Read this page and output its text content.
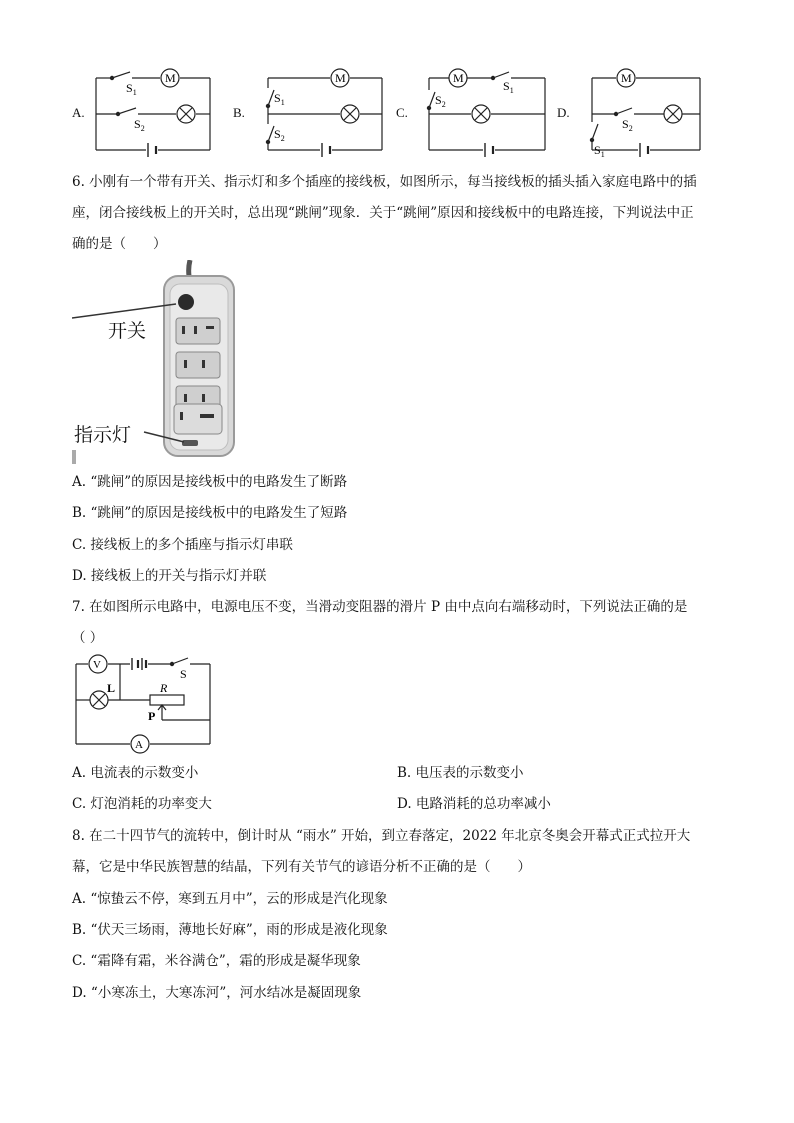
A.
M
$S_1$
$S_2$
B.
M
$S_1$
$S_2$
C.
M
$S_1$
$S_2$
D.
M
$S_1$
$S_2$
6. 小刚有一个带有开关、指示灯和多个插座的接线板，如图所示，每当接线板的插头插入家庭电路中的插
座，闭合接线板上的开关时，总出现“跳闸”现象．关于“跳闸”原因和接线板中的电路连接，下判说法中正
确的是（　　）
开关
指示灯
A. “跳闸”的原因是接线板中的电路发生了断路
B. “跳闸”的原因是接线板中的电路发生了短路
C. 接线板上的多个插座与指示灯串联
D. 接线板上的开关与指示灯并联
7. 在如图所示电路中，电源电压不变，当滑动变阻器的滑片 P 由中点向右端移动时，下列说法正确的是
（ ）
V
L	R
P
S
A
A. 电流表的示数变小	B. 电压表的示数变小
C. 灯泡消耗的功率变大	D. 电路消耗的总功率减小
8. 在二十四节气的流转中，倒计时从 “雨水” 开始，到立春落定，2022 年北京冬奥会开幕式正式拉开大
幕，它是中华民族智慧的结晶，下列有关节气的谚语分析不正确的是（　　）
A. “惊蛰云不停，寒到五月中”，云的形成是汽化现象
B. “伏天三场雨，薄地长好麻”，雨的形成是液化现象
C. “霜降有霜，米谷满仓”，霜的形成是凝华现象
D. “小寒冻土，大寒冻河”，河水结冰是凝固现象
